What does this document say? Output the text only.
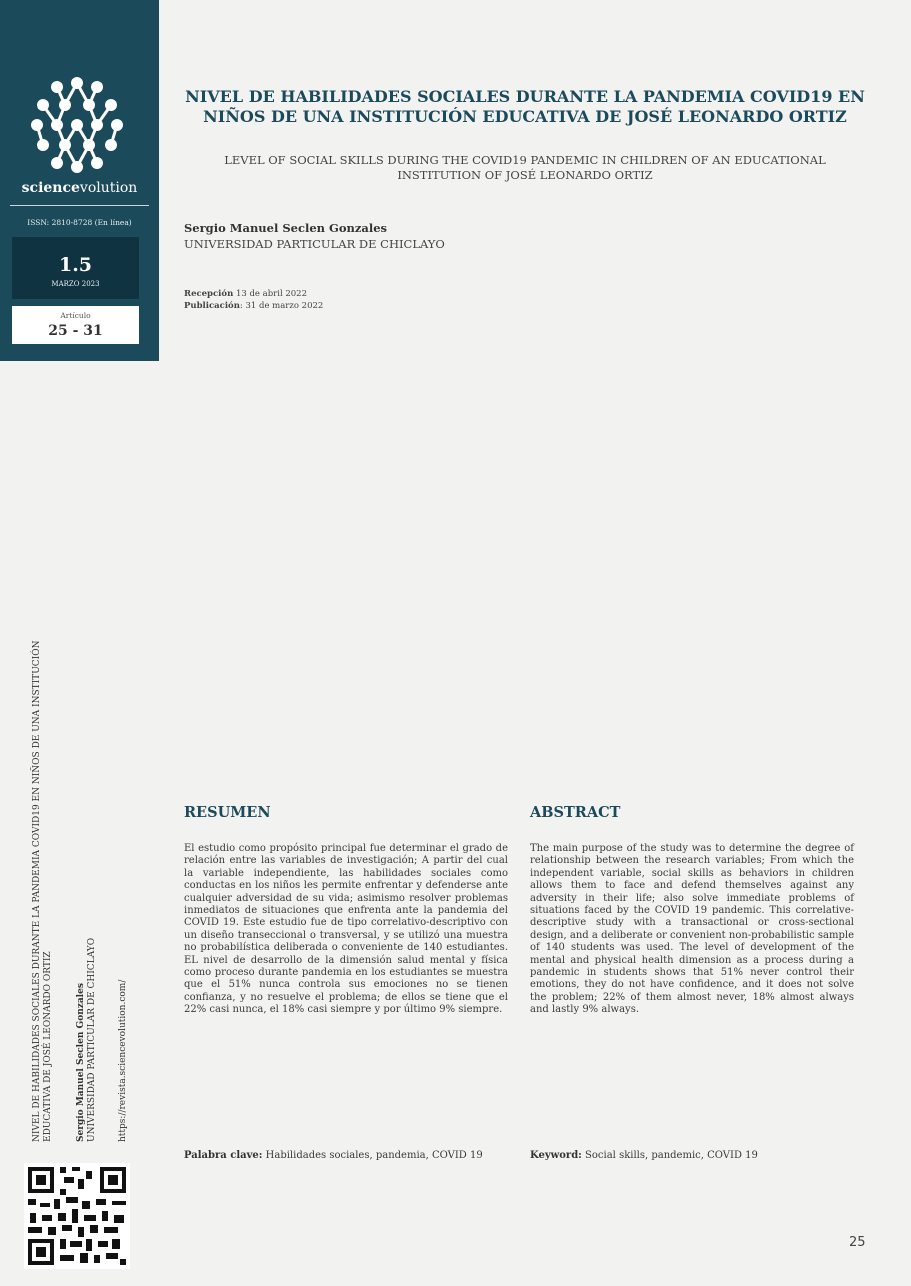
sciencevolution
ISSN: 2810-8728 (En línea)
1.5
MARZO 2023
Artículo
25 - 31
NIVEL DE HABILIDADES SOCIALES DURANTE LA PANDEMIA COVID19 EN NIÑOS DE UNA INSTITUCIÓN EDUCATIVA DE JOSÉ LEONARDO ORTIZ
LEVEL OF SOCIAL SKILLS DURING THE COVID19 PANDEMIC IN CHILDREN OF AN EDUCATIONAL INSTITUTION OF JOSÉ LEONARDO ORTIZ
Sergio Manuel Seclen Gonzales
UNIVERSIDAD PARTICULAR DE CHICLAYO
Recepción 13 de abril 2022
Publicación: 31 de marzo 2022
RESUMEN

El estudio como propósito principal fue determinar el grado de relación entre las variables de investigación; A partir del cual la variable independiente, las habilidades sociales como conductas en los niños les permite enfrentar y defenderse ante cualquier adversidad de su vida; asimismo resolver problemas inmediatos de situaciones que enfrenta ante la pandemia del COVID 19. Este estudio fue de tipo correlativo-descriptivo con un diseño transeccional o transversal, y se utilizó una muestra no probabilística deliberada o conveniente de 140 estudiantes. EL nivel de desarrollo de la dimensión salud mental y física como proceso durante pandemia en los estudiantes se muestra que el 51% nunca controla sus emociones no se tienen confianza, y no resuelve el problema; de ellos se tiene que el 22% casi nunca, el 18% casi siempre y por último 9% siempre.

Palabra clave: Habilidades sociales, pandemia, COVID 19
ABSTRACT

The main purpose of the study was to determine the degree of relationship between the research variables; From which the independent variable, social skills as behaviors in children allows them to face and defend themselves against any adversity in their life; also solve immediate problems of situations faced by the COVID 19 pandemic. This correlative-descriptive study with a transactional or cross-sectional design, and a deliberate or convenient non-probabilistic sample of 140 students was used. The level of development of the mental and physical health dimension as a process during a pandemic in students shows that 51% never control their emotions, they do not have confidence, and it does not solve the problem; 22% of them almost never, 18% almost always and lastly 9% always.

Keyword: Social skills, pandemic, COVID 19
NIVEL DE HABILIDADES SOCIALES DURANTE LA PANDEMIA COVID19 EN NIÑOS DE UNA INSTITUCIÓN EDUCATIVA DE JOSÉ LEONARDO ORTIZ	Sergio Manuel Seclen Gonzales UNIVERSIDAD PARTICULAR DE CHICLAYO https://revista.sciencevolution.com/
25
